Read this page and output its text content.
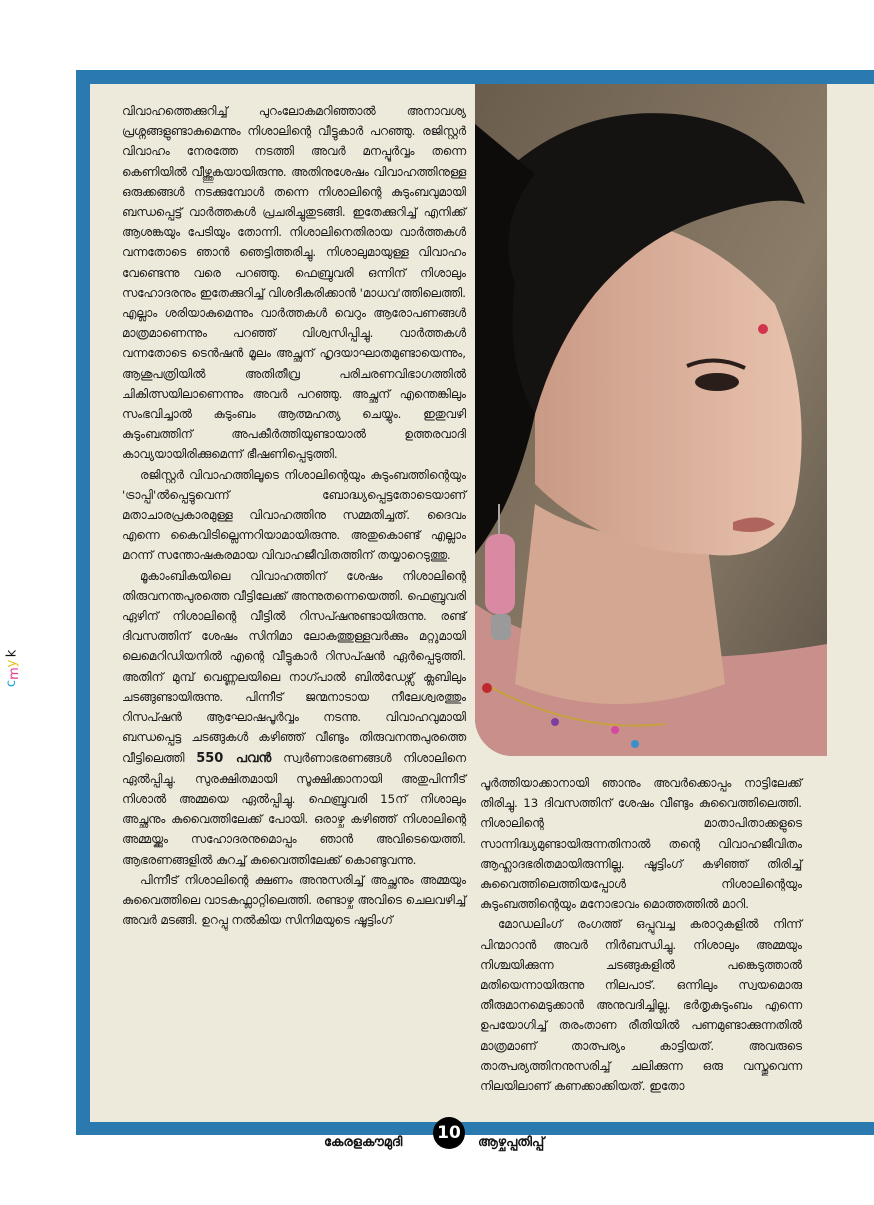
c
m
y
k

വിവാഹത്തെക്കുറിച്ച് പുറംലോകമറിഞ്ഞാൽ അനാവശ്യ പ്രശ്നങ്ങളുണ്ടാകുമെന്നും നിശാലിന്റെ വീട്ടുകാർ പറഞ്ഞു. രജിസ്റ്റർ വിവാഹം നേരത്തേ നടത്തി അവർ മനപ്പൂർവ്വം തന്നെ കെണിയിൽ വീഴ്ത്തുകയായിരുന്നു. അതിനുശേഷം വിവാഹത്തിനുള്ള ഒരുക്കങ്ങൾ നടക്കുമ്പോൾ തന്നെ നിശാലിന്റെ കുടുംബവുമായി ബന്ധപ്പെട്ട് വാർത്തകൾ പ്രചരിച്ചുതുടങ്ങി. ഇതേക്കുറിച്ച് എനിക്ക് ആശങ്കയും പേടിയും തോന്നി. നിശാലിനെതിരായ വാർത്തകൾ വന്നതോടെ ഞാൻ ഞെട്ടിത്തരിച്ചു. നിശാലുമായുള്ള വിവാഹം വേണ്ടെന്നു വരെ പറഞ്ഞു. ഫെബ്രുവരി ഒന്നിന് നിശാലും സഹോദരനും ഇതേക്കുറിച്ച് വിശദീകരിക്കാൻ 'മാധവ'ത്തിലെത്തി. എല്ലാം ശരിയാകുമെന്നും വാർത്തകൾ വെറും ആരോപണങ്ങൾ മാത്രമാണെന്നും പറഞ്ഞ് വിശ്വസിപ്പിച്ചു. വാർത്തകൾ വന്നതോടെ ടെൻഷൻ മൂലം അച്ഛന് ഹൃദയാഘാതമുണ്ടായെന്നും, ആശുപത്രിയിൽ അതിതീവ്ര പരിചരണവിഭാഗത്തിൽ ചികിത്സയിലാണെന്നും അവർ പറഞ്ഞു. അച്ഛന് എന്തെങ്കിലും സംഭവിച്ചാൽ കുടുംബം ആത്മഹത്യ ചെയ്യും. ഇതുവഴി കുടുംബത്തിന് അപകീർത്തിയുണ്ടായാൽ ഉത്തരവാദി കാവ്യയായിരിക്കുമെന്ന് ഭീഷണിപ്പെടുത്തി.

രജിസ്റ്റർ വിവാഹത്തിലൂടെ നിശാലിന്റെയും കുടുംബത്തിന്റെയും 'ട്രാപ്പി'ൽപ്പെട്ടുവെന്ന് ബോദ്ധ്യപ്പെട്ടതോടെയാണ് മതാചാരപ്രകാരമുള്ള വിവാഹത്തിനു സമ്മതിച്ചത്. ദൈവം എന്നെ കൈവിടില്ലെന്നറിയാമായിരുന്നു. അതുകൊണ്ട് എല്ലാം മറന്ന് സന്തോഷകരമായ വിവാഹജീവിതത്തിന് തയ്യാറെടുത്തു.

മൂകാംബികയിലെ വിവാഹത്തിന് ശേഷം നിശാലിന്റെ തിരുവനന്തപുരത്തെ വീട്ടിലേക്ക് അന്നുതന്നെയെത്തി. ഫെബ്രുവരി ഏഴിന് നിശാലിന്റെ വീട്ടിൽ റിസപ്ഷനുണ്ടായിരുന്നു. രണ്ട് ദിവസത്തിന് ശേഷം സിനിമാ ലോകത്തുള്ളവർക്കും മറ്റുമായി ലെമെറിഡിയനിൽ എന്റെ വീട്ടുകാർ റിസപ്ഷൻ ഏർപ്പെടുത്തി. അതിന് മുമ്പ് വെണ്ണലയിലെ നാഗ്പാൽ ബിൽഡേഴ്സ് ക്ലബിലും ചടങ്ങുണ്ടായിരുന്നു. പിന്നീട് ജന്മനാടായ നീലേശ്വരത്തും റിസപ്ഷൻ ആഘോഷപൂർവ്വം നടന്നു. വിവാഹവുമായി ബന്ധപ്പെട്ട ചടങ്ങുകൾ കഴിഞ്ഞ് വീണ്ടും തിരുവനന്തപുരത്തെ വീട്ടിലെത്തി 550 പവൻ സ്വർണാഭരണങ്ങൾ നിശാലിനെ ഏൽപ്പിച്ചു. സുരക്ഷിതമായി സൂക്ഷിക്കാനായി അതുപിന്നീട് നിശാൽ അമ്മയെ ഏൽപ്പിച്ചു. ഫെബ്രുവരി 15ന് നിശാലും അച്ഛനും കുവൈത്തിലേക്ക് പോയി. ഒരാഴ്ച കഴിഞ്ഞ് നിശാലിന്റെ അമ്മയ്ക്കും സഹോദരനുമൊപ്പം ഞാൻ അവിടെയെത്തി. ആഭരണങ്ങളിൽ കുറച്ച് കുവൈത്തിലേക്ക് കൊണ്ടുവന്നു.

പിന്നീട് നിശാലിന്റെ ക്ഷണം അനുസരിച്ച് അച്ഛനും അമ്മയും കുവൈത്തിലെ വാടകഫ്ലാറ്റിലെത്തി. രണ്ടാഴ്ച അവിടെ ചെലവഴിച്ച് അവർ മടങ്ങി. ഉറപ്പു നൽകിയ സിനിമയുടെ ഷൂട്ടിംഗ്

പൂർത്തിയാക്കാനായി ഞാനും അവർക്കൊപ്പം നാട്ടിലേക്ക് തിരിച്ചു. 13 ദിവസത്തിന് ശേഷം വീണ്ടും കുവൈത്തിലെത്തി. നിശാലിന്റെ മാതാപിതാക്കളുടെ സാന്നിദ്ധ്യമുണ്ടായിരുന്നതിനാൽ തന്റെ വിവാഹജീവിതം ആഹ്ലാദഭരിതമായിരുന്നില്ല. ഷൂട്ടിംഗ് കഴിഞ്ഞ് തിരിച്ച് കുവൈത്തിലെത്തിയപ്പോൾ നിശാലിന്റെയും കുടുംബത്തിന്റെയും മനോഭാവം മൊത്തത്തിൽ മാറി.

മോഡലിംഗ് രംഗത്ത് ഒപ്പുവച്ച കരാറുകളിൽ നിന്ന് പിന്മാറാൻ അവർ നിർബന്ധിച്ചു. നിശാലും അമ്മയും നിശ്ചയിക്കുന്ന ചടങ്ങുകളിൽ പങ്കെടുത്താൽ മതിയെന്നായിരുന്നു നിലപാട്. ഒന്നിലും സ്വയമൊരു തീരുമാനമെടുക്കാൻ അനുവദിച്ചില്ല. ഭർതൃകുടുംബം എന്നെ ഉപയോഗിച്ച് തരംതാണ രീതിയിൽ പണമുണ്ടാക്കുന്നതിൽ മാത്രമാണ് താത്പര്യം കാട്ടിയത്. അവരുടെ താത്പര്യത്തിനനുസരിച്ച് ചലിക്കുന്ന ഒരു വസ്തുവെന്ന നിലയിലാണ് കണക്കാക്കിയത്. ഇതോ

കേരളകൗമുദി	ആഴ്ചപ്പതിപ്പ്
10
